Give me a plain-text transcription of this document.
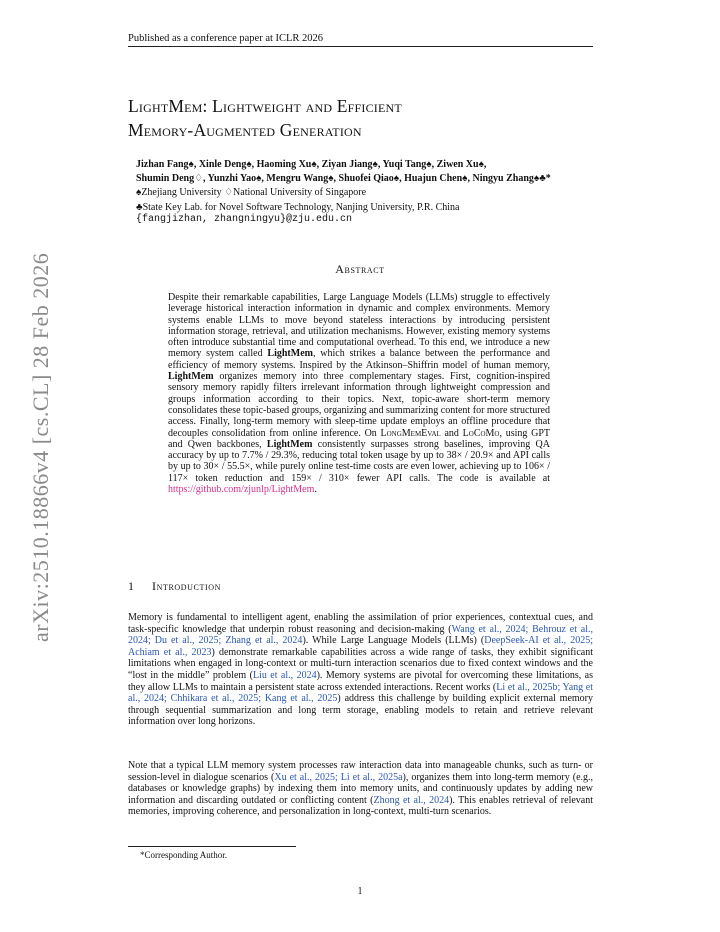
arXiv:2510.18866v4 [cs.CL] 28 Feb 2026
Published as a conference paper at ICLR 2026
LightMem: Lightweight and Efficient
Memory-Augmented Generation
Jizhan Fang♠, Xinle Deng♠, Haoming Xu♠, Ziyan Jiang♠, Yuqi Tang♠, Ziwen Xu♠,
Shumin Deng♢, Yunzhi Yao♠, Mengru Wang♠, Shuofei Qiao♠, Huajun Chen♠, Ningyu Zhang♠♣*
♠Zhejiang University ♢National University of Singapore
♣State Key Lab. for Novel Software Technology, Nanjing University, P.R. China
{fangjizhan, zhangningyu}@zju.edu.cn
Abstract
Despite their remarkable capabilities, Large Language Models (LLMs) struggle to effectively leverage historical interaction information in dynamic and complex environments. Memory systems enable LLMs to move beyond stateless interactions by introducing persistent information storage, retrieval, and utilization mechanisms. However, existing memory systems often introduce substantial time and computational overhead. To this end, we introduce a new memory system called LightMem, which strikes a balance between the performance and efficiency of memory systems. Inspired by the Atkinson–Shiffrin model of human memory, LightMem organizes memory into three complementary stages. First, cognition-inspired sensory memory rapidly filters irrelevant information through lightweight compression and groups information according to their topics. Next, topic-aware short-term memory consolidates these topic-based groups, organizing and summarizing content for more structured access. Finally, long-term memory with sleep-time update employs an offline procedure that decouples consolidation from online inference. On LongMemEval and LoCoMo, using GPT and Qwen backbones, LightMem consistently surpasses strong baselines, improving QA accuracy by up to 7.7% / 29.3%, reducing total token usage by up to 38× / 20.9× and API calls by up to 30× / 55.5×, while purely online test-time costs are even lower, achieving up to 106× / 117× token reduction and 159× / 310× fewer API calls. The code is available at https://github.com/zjunlp/LightMem.
1 Introduction
Memory is fundamental to intelligent agent, enabling the assimilation of prior experiences, contextual cues, and task-specific knowledge that underpin robust reasoning and decision-making (Wang et al., 2024; Behrouz et al., 2024; Du et al., 2025; Zhang et al., 2024). While Large Language Models (LLMs) (DeepSeek-AI et al., 2025; Achiam et al., 2023) demonstrate remarkable capabilities across a wide range of tasks, they exhibit significant limitations when engaged in long-context or multi-turn interaction scenarios due to fixed context windows and the “lost in the middle” problem (Liu et al., 2024). Memory systems are pivotal for overcoming these limitations, as they allow LLMs to maintain a persistent state across extended interactions. Recent works (Li et al., 2025b; Yang et al., 2024; Chhikara et al., 2025; Kang et al., 2025) address this challenge by building explicit external memory through sequential summarization and long term storage, enabling models to retain and retrieve relevant information over long horizons.
Note that a typical LLM memory system processes raw interaction data into manageable chunks, such as turn- or session-level in dialogue scenarios (Xu et al., 2025; Li et al., 2025a), organizes them into long-term memory (e.g., databases or knowledge graphs) by indexing them into memory units, and continuously updates by adding new information and discarding outdated or conflicting content (Zhong et al., 2024). This enables retrieval of relevant memories, improving coherence, and personalization in long-context, multi-turn scenarios.
*Corresponding Author.
1
